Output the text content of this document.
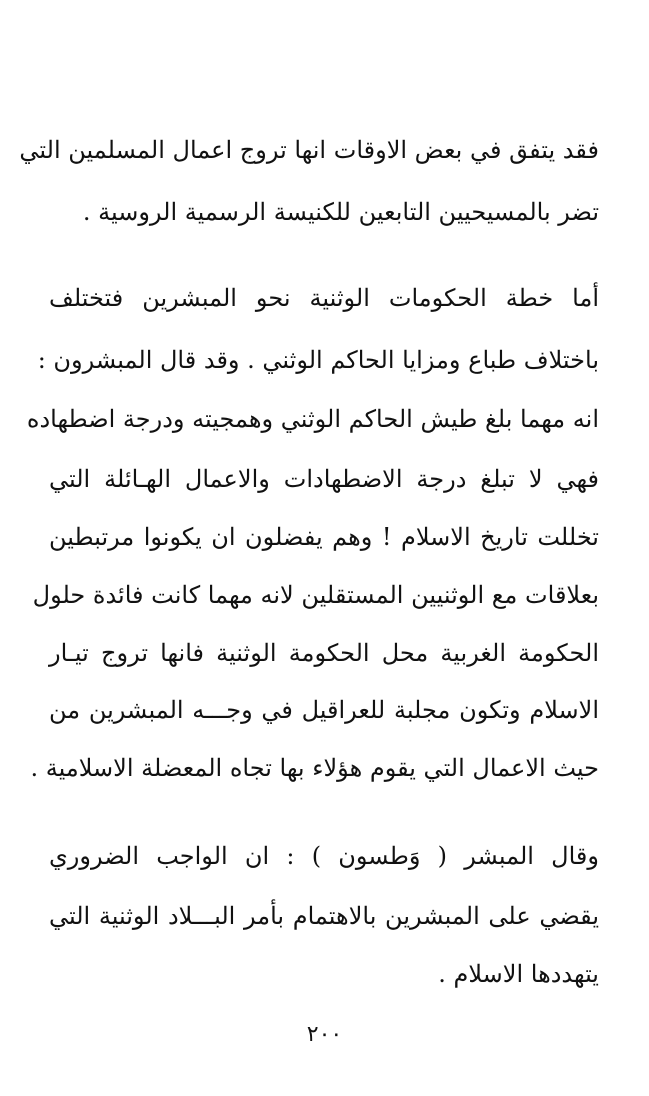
فقد يتفق في بعض الاوقات انها تروج اعمال المسلمين التي
تضر بالمسيحيين التابعين للكنيسة الرسمية الروسية .
أما خطة الحكومات الوثنية نحو المبشرين فتختلف
باختلاف طباع ومزايا الحاكم الوثني . وقد قال المبشرون :
انه مهما بلغ طيش الحاكم الوثني وهمجيته ودرجة اضطهاده
فهي لا تبلغ درجة الاضطهادات والاعمال الهـائلة التي
تخللت تاريخ الاسلام ! وهم يفضلون ان يكونوا مرتبطين
بعلاقات مع الوثنيين المستقلين لانه مهما كانت فائدة حلول
الحكومة الغربية محل الحكومة الوثنية فانها تروج تيـار
الاسلام وتكون مجلبة للعراقيل في وجـــه المبشرين من
حيث الاعمال التي يقوم هؤلاء بها تجاه المعضلة الاسلامية .
وقال المبشر ( وَطسون ) : ان الواجب الضروري
يقضي على المبشرين بالاهتمام بأمر البـــلاد الوثنية التي
يتهددها الاسلام .
٢٠٠
